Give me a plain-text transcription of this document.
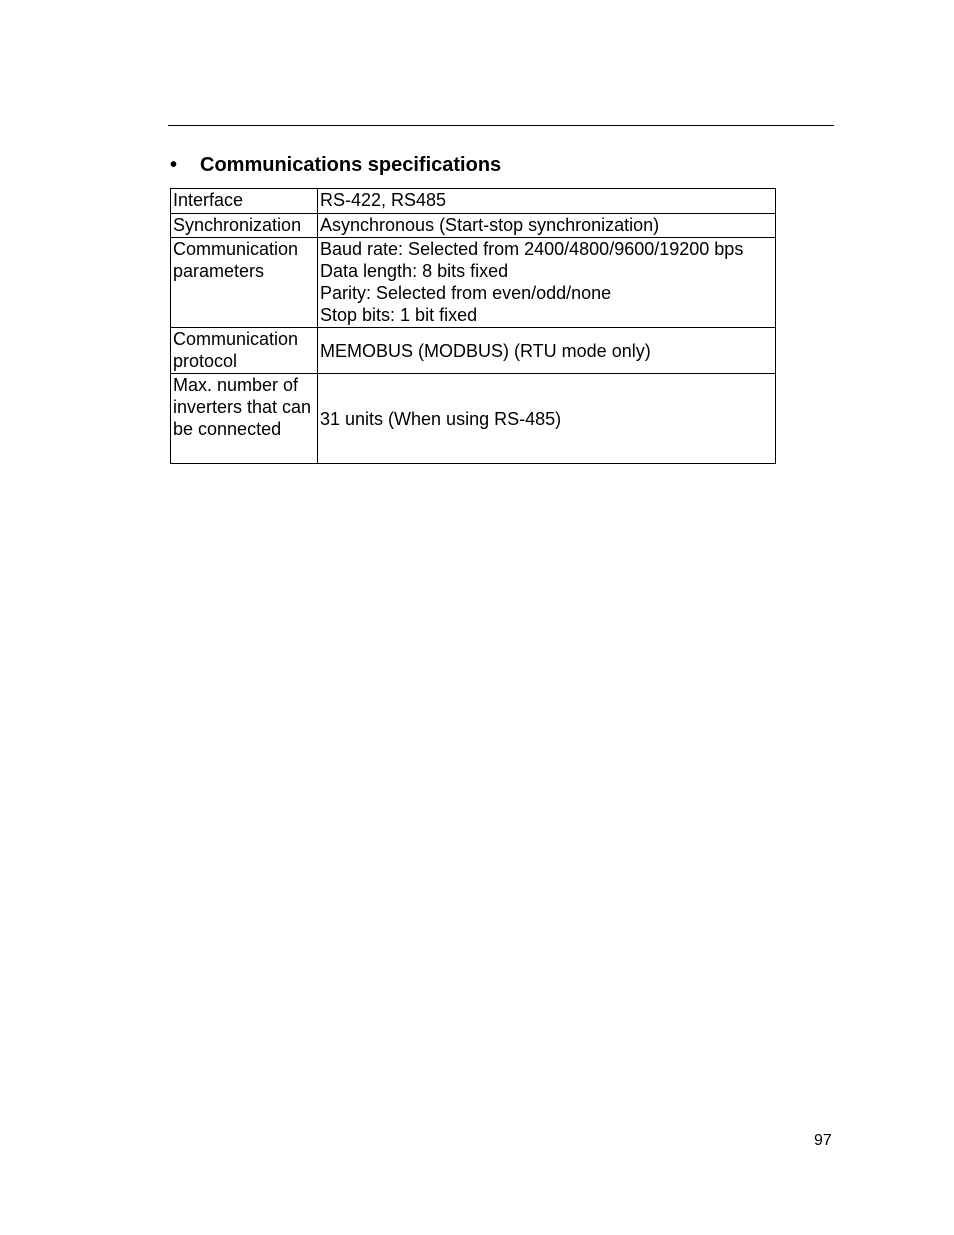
• Communications specifications
Interface	RS-422, RS485

Synchronization	Asynchronous (Start-stop synchronization)

Communication parameters	Baud rate: Selected from 2400/4800/9600/19200 bps
Data length: 8 bits fixed
Parity: Selected from even/odd/none
Stop bits: 1 bit fixed

Communication protocol	MEMOBUS (MODBUS) (RTU mode only)

Max. number of inverters that can be connected	31 units (When using RS-485)
97
